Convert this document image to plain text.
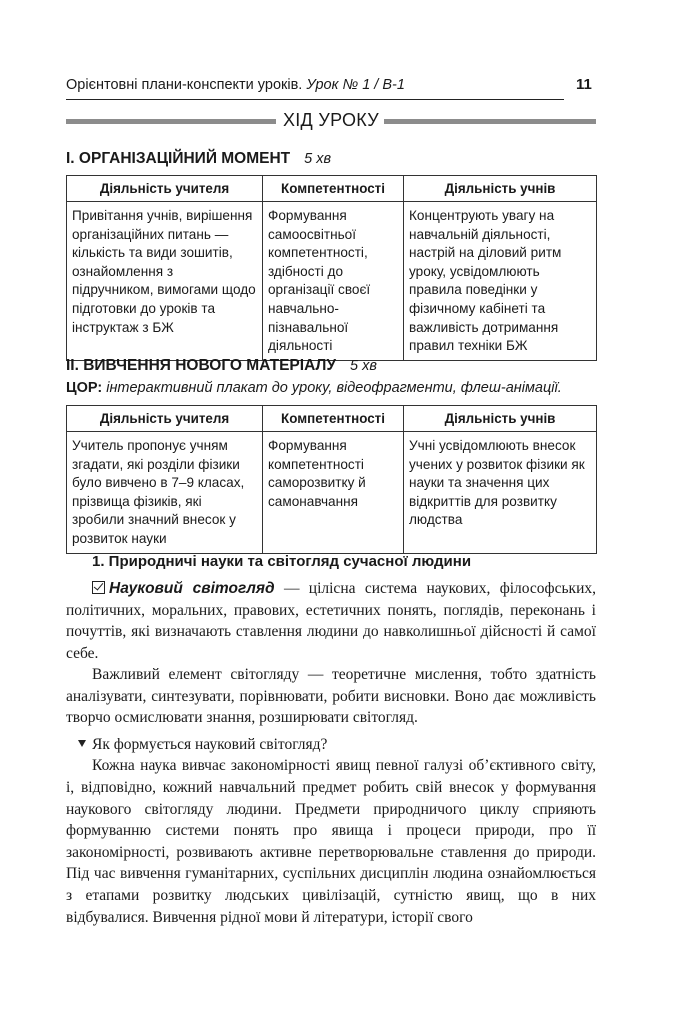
Орієнтовні плани-конспекти уроків. Урок № 1 / В-1	11
ХІД УРОКУ
І. ОРГАНІЗАЦІЙНИЙ МОМЕНТ 5 хв
Діяльність учителя	Компетентності	Діяльність учнів
Привітання учнів, вирішення організаційних питань — кількість та види зошитів, ознайомлення з підручником, вимогами щодо підготовки до уроків та інструктаж з БЖ	Формування самоосвітньої компетентності, здібності до організації своєї навчально-пізнавальної діяльності	Концентрують увагу на навчальній діяльності, настрій на діловий ритм уроку, усвідомлюють правила поведінки у фізичному кабінеті та важливість дотримання правил техніки БЖ
ІІ. ВИВЧЕННЯ НОВОГО МАТЕРІАЛУ 5 хв
ЦОР: інтерактивний плакат до уроку, відеофрагменти, флеш-анімації.
Діяльність учителя	Компетентності	Діяльність учнів
Учитель пропонує учням згадати, які розділи фізики було вивчено в 7–9 класах, прізвища фізиків, які зробили значний внесок у розвиток науки	Формування компетентності саморозвитку й самонавчання	Учні усвідомлюють внесок учених у розвиток фізики як науки та значення цих відкриттів для розвитку людства
1. Природничі науки та світогляд сучасної людини

Науковий світогляд — цілісна система наукових, філософських, політичних, моральних, правових, естетичних понять, поглядів, переконань і почуттів, які визначають ставлення людини до навколишньої дійсності й самої себе.

Важливий елемент світогляду — теоретичне мислення, тобто здатність аналізувати, синтезувати, порівнювати, робити висновки. Воно дає можливість творчо осмислювати знання, розширювати світогляд.

Як формується науковий світогляд?

Кожна наука вивчає закономірності явищ певної галузі об’єктивного світу, і, відповідно, кожний навчальний предмет робить свій внесок у формування наукового світогляду людини. Предмети природничого циклу сприяють формуванню системи понять про явища і процеси природи, про її закономірності, розвивають активне перетворювальне ставлення до природи. Під час вивчення гуманітарних, суспільних дисциплін людина ознайомлюється з етапами розвитку людських цивілізацій, сутністю явищ, що в них відбувалися. Вивчення рідної мови й літератури, історії свого
